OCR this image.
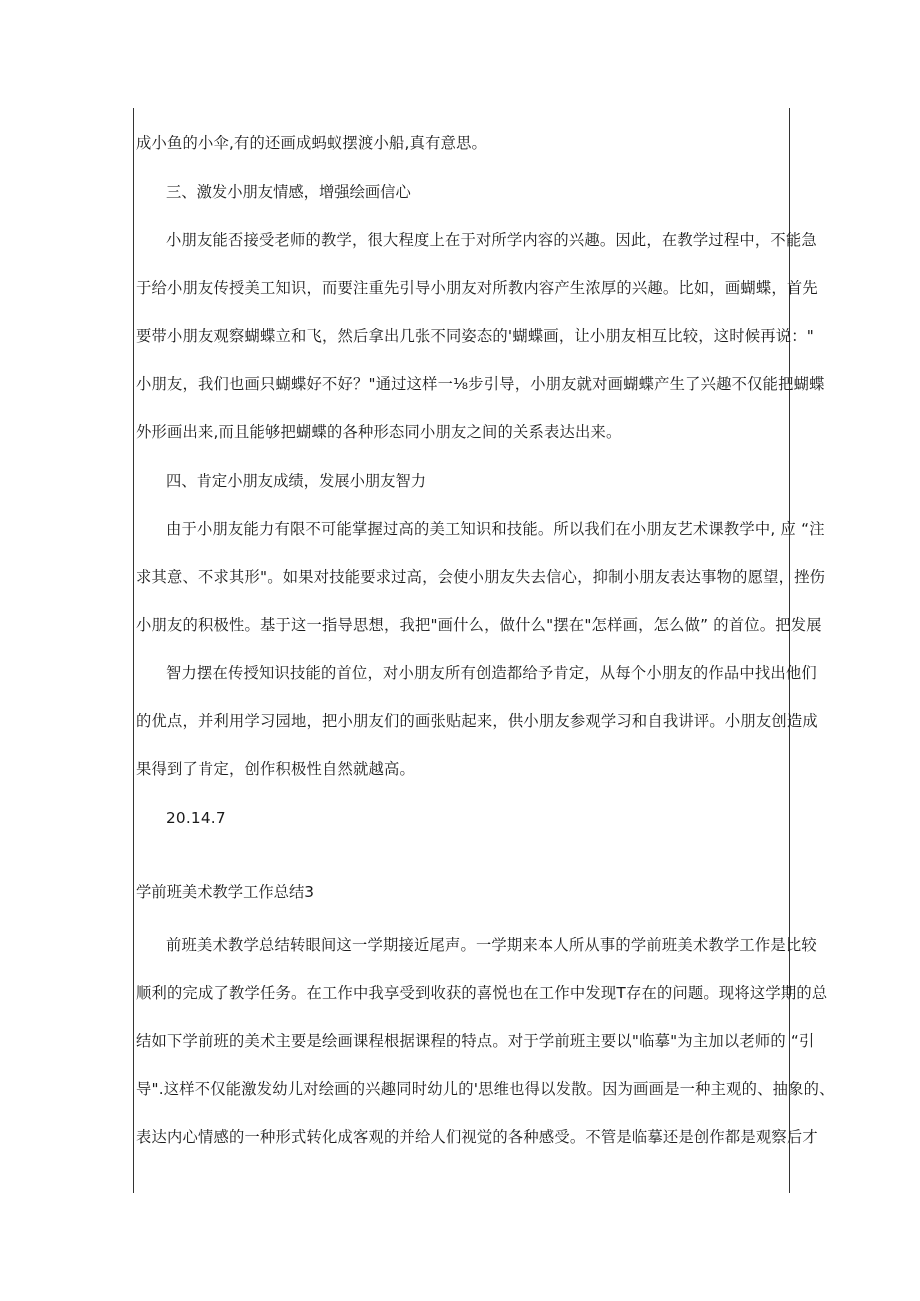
成小鱼的小伞,有的还画成蚂蚁摆渡小船,真有意思。
三、激发小朋友情感，增强绘画信心
小朋友能否接受老师的教学，很大程度上在于对所学内容的兴趣。因此，在教学过程中，不能急
于给小朋友传授美工知识，而要注重先引导小朋友对所教内容产生浓厚的兴趣。比如，画蝴蝶，首先
要带小朋友观察蝴蝶立和飞，然后拿出几张不同姿态的'蝴蝶画，让小朋友相互比较，这时候再说："
小朋友，我们也画只蝴蝶好不好？"通过这样一⅛步引导，小朋友就对画蝴蝶产生了兴趣不仅能把蝴蝶
外形画出来,而且能够把蝴蝶的各种形态同小朋友之间的关系表达出来。
四、肯定小朋友成绩，发展小朋友智力
由于小朋友能力有限不可能掌握过高的美工知识和技能。所以我们在小朋友艺术课教学中, 应 “注
求其意、不求其形"。如果对技能要求过高，会使小朋友失去信心，抑制小朋友表达事物的愿望，挫伤
小朋友的积极性。基于这一指导思想，我把"画什么，做什么"摆在"怎样画，怎么做” 的首位。把发展
智力摆在传授知识技能的首位，对小朋友所有创造都给予肯定，从每个小朋友的作品中找出他们
的优点，并利用学习园地，把小朋友们的画张贴起来，供小朋友参观学习和自我讲评。小朋友创造成
果得到了肯定，创作积极性自然就越高。
20.14.7
学前班美术教学工作总结3
前班美术教学总结转眼间这一学期接近尾声。一学期来本人所从事的学前班美术教学工作是比较
顺利的完成了教学任务。在工作中我享受到收获的喜悦也在工作中发现T存在的问题。现将这学期的总
结如下学前班的美术主要是绘画课程根据课程的特点。对于学前班主要以"临摹"为主加以老师的 “引
导".这样不仅能激发幼儿对绘画的兴趣同时幼儿的'思维也得以发散。因为画画是一种主观的、抽象的、
表达内心情感的一种形式转化成客观的并给人们视觉的各种感受。不管是临摹还是创作都是观察后才
